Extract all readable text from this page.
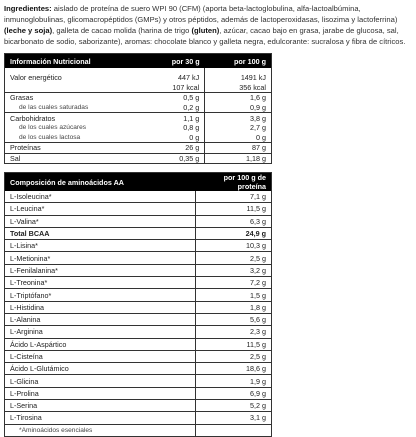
Ingredientes: aislado de proteína de suero WPI 90 (CFM) (aporta beta-lactoglobulina, alfa-lactoalbúmina, inmunoglobulinas, glicomacropéptidos (GMPs) y otros péptidos, además de lactoperoxidasas, lisozima y lactoferrina) (leche y soja), galleta de cacao molida (harina de trigo (gluten), azúcar, cacao bajo en grasa, jarabe de glucosa, sal, bicarbonato de sodio, saborizante), aromas: chocolate blanco y galleta negra, edulcorante: sucralosa y fibra de cítricos.
Información Nutricional	por 30 g	por 100 g

Valor energético	447 kJ	1491 kJ
	107 kcal	356 kcal
Grasas	0,5 g	1,6 g
de las cuales saturadas	0,2 g	0,9 g
Carbohidratos	1,1 g	3,8 g
de los cuales azúcares	0,8 g	2,7 g
de los cuales lactosa	0 g	0 g
Proteínas	26 g	87 g
Sal	0,35 g	1,18 g
Composición de aminoácidos AA	por 100 g de proteína
L-Isoleucina*	7,1 g
L-Leucina*	11,5 g
L-Valina*	6,3 g
Total BCAA	24,9 g
L-Lisina*	10,3 g
L-Metionina*	2,5 g
L-Fenilalanina*	3,2 g
L-Treonina*	7,2 g
L-Triptófano*	1,5 g
L-Histidina	1,8 g
L-Alanina	5,6 g
L-Arginina	2,3 g
Ácido L-Aspártico	11,5 g
L-Cisteína	2,5 g
Ácido L-Glutámico	18,6 g
L-Glicina	1,9 g
L-Prolina	6,9 g
L-Serina	5,2 g
L-Tirosina	3,1 g
*Aminoácidos esenciales	
